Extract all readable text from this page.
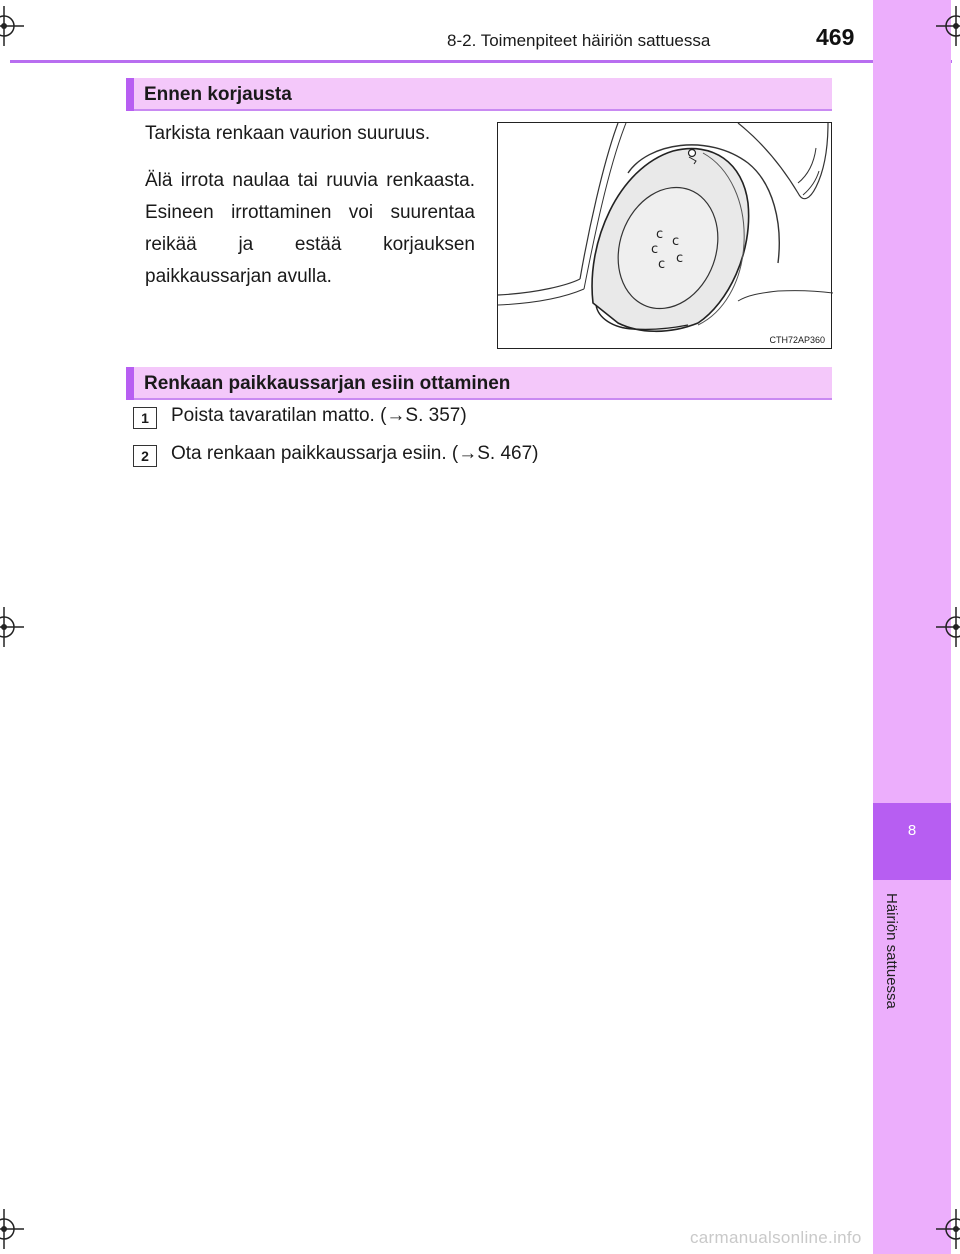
8-2. Toimenpiteet häiriön sattuessa	469
8
Häiriön sattuessa
Ennen korjausta
Tarkista renkaan vaurion suuruus.
Älä irrota naulaa tai ruuvia renkaasta. Esineen irrottaminen voi suurentaa reikää ja estää korjauksen paikkaussarjan avulla.
c c
c
c
c
CTH72AP360
Renkaan paikkaussarjan esiin ottaminen
1	Poista tavaratilan matto. (→S. 357)
2	Ota renkaan paikkaussarja esiin. (→S. 467)
carmanualsonline.info
